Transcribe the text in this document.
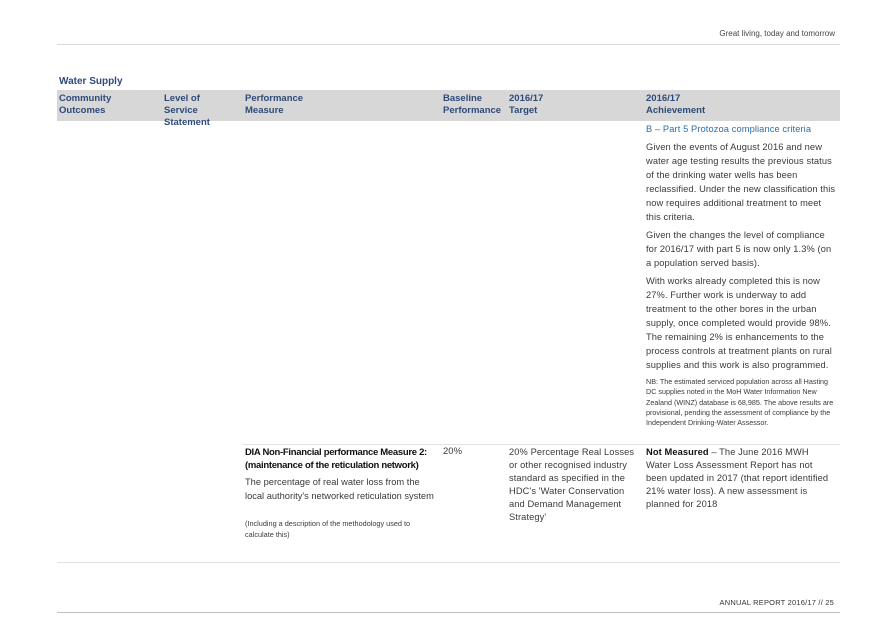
Great living, today and tomorrow
Water Supply
Community Outcomes
Level of Service Statement
Performance Measure
Baseline Performance
2016/17 Target
2016/17 Achievement
B – Part 5 Protozoa compliance criteria
Given the events of August 2016 and new water age testing results the previous status of the drinking water wells has been reclassified. Under the new classification this now requires additional treatment to meet this criteria.
Given the changes the level of compliance for 2016/17 with part 5 is now only 1.3% (on a population served basis).
With works already completed this is now 27%. Further work is underway to add treatment to the other bores in the urban supply, once completed would provide 98%. The remaining 2% is enhancements to the process controls at treatment plants on rural supplies and this work is also programmed.
NB: The estimated serviced population across all Hasting DC supplies noted in the MoH Water Information New Zealand (WINZ) database is 68,985. The above results are provisional, pending the assessment of compliance by the Independent Drinking-Water Assessor.
DIA Non-Financial performance Measure 2: (maintenance of the reticulation network)
The percentage of real water loss from the local authority's networked reticulation system
(Including a description of the methodology used to calculate this)
20%	20% Percentage Real Losses or other recognised industry standard as specified in the HDC's 'Water Conservation and Demand Management Strategy'
Not Measured – The June 2016 MWH Water Loss Assessment Report has not been updated in 2017 (that report identified 21% water loss). A new assessment is planned for 2018
ANNUAL REPORT 2016/17 // 25
